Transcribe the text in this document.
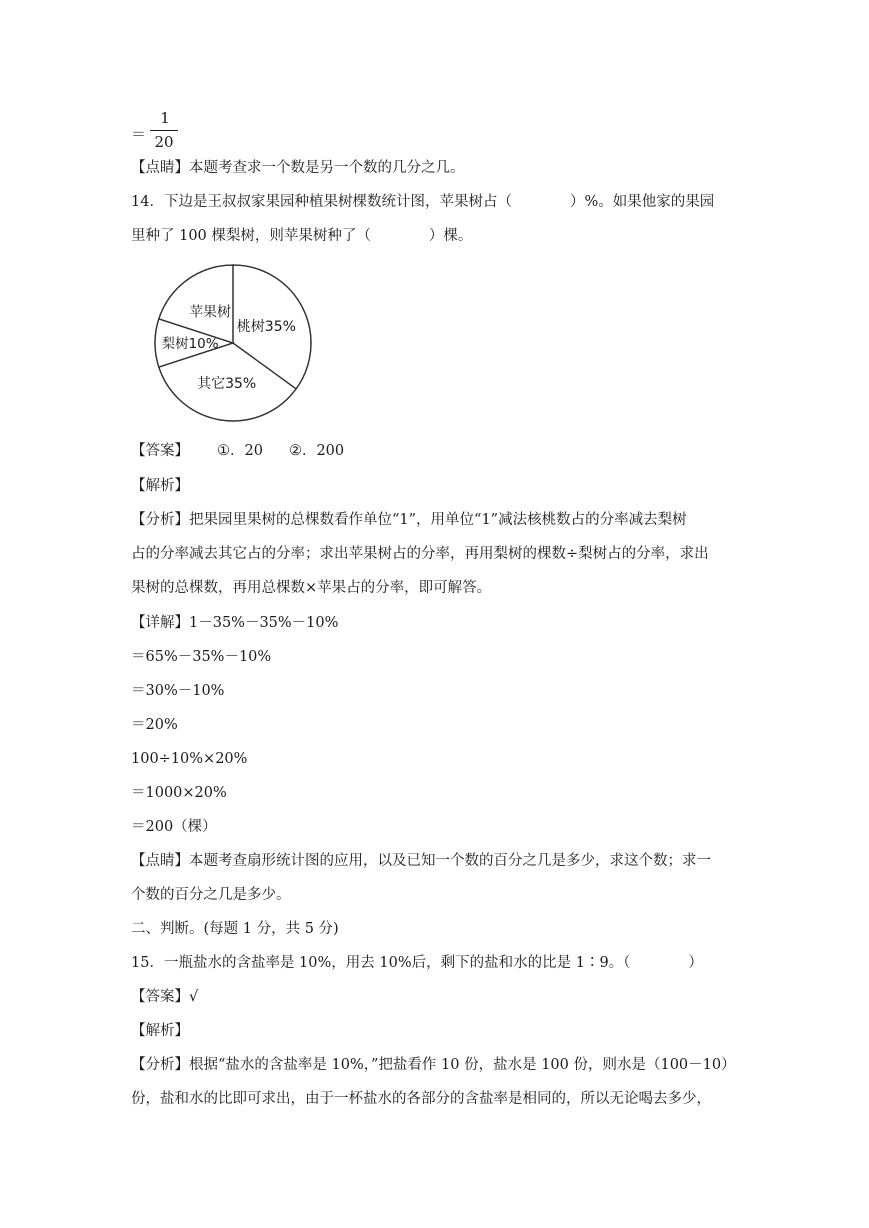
＝
1
20
【点睛】本题考查求一个数是另一个数的几分之几。
14．下边是王叔叔家果园种植果树棵数统计图，苹果树占（　　　　）%。如果他家的果园
里种了 100 棵梨树，则苹果树种了（　　　　）棵。
桃树35%
其它35%
梨树10%
苹果树
【答案】 ①．20 ②．200
【解析】
【分析】把果园里果树的总棵数看作单位“1”，用单位“1”减法核桃数占的分率减去梨树
占的分率减去其它占的分率；求出苹果树占的分率，再用梨树的棵数÷梨树占的分率，求出
果树的总棵数，再用总棵数×苹果占的分率，即可解答。
【详解】1－35%－35%－10%
＝65%－35%－10%
＝30%－10%
＝20%
100÷10%×20%
＝1000×20%
＝200（棵）
【点睛】本题考查扇形统计图的应用，以及已知一个数的百分之几是多少，求这个数；求一
个数的百分之几是多少。
二、判断。(每题 1 分，共 5 分)
15．一瓶盐水的含盐率是 10%，用去 10%后，剩下的盐和水的比是 1∶9。（　　　　）
【答案】√
【解析】
【分析】根据“盐水的含盐率是 10%，”把盐看作 10 份，盐水是 100 份，则水是（100－10）
份，盐和水的比即可求出，由于一杯盐水的各部分的含盐率是相同的，所以无论喝去多少，
